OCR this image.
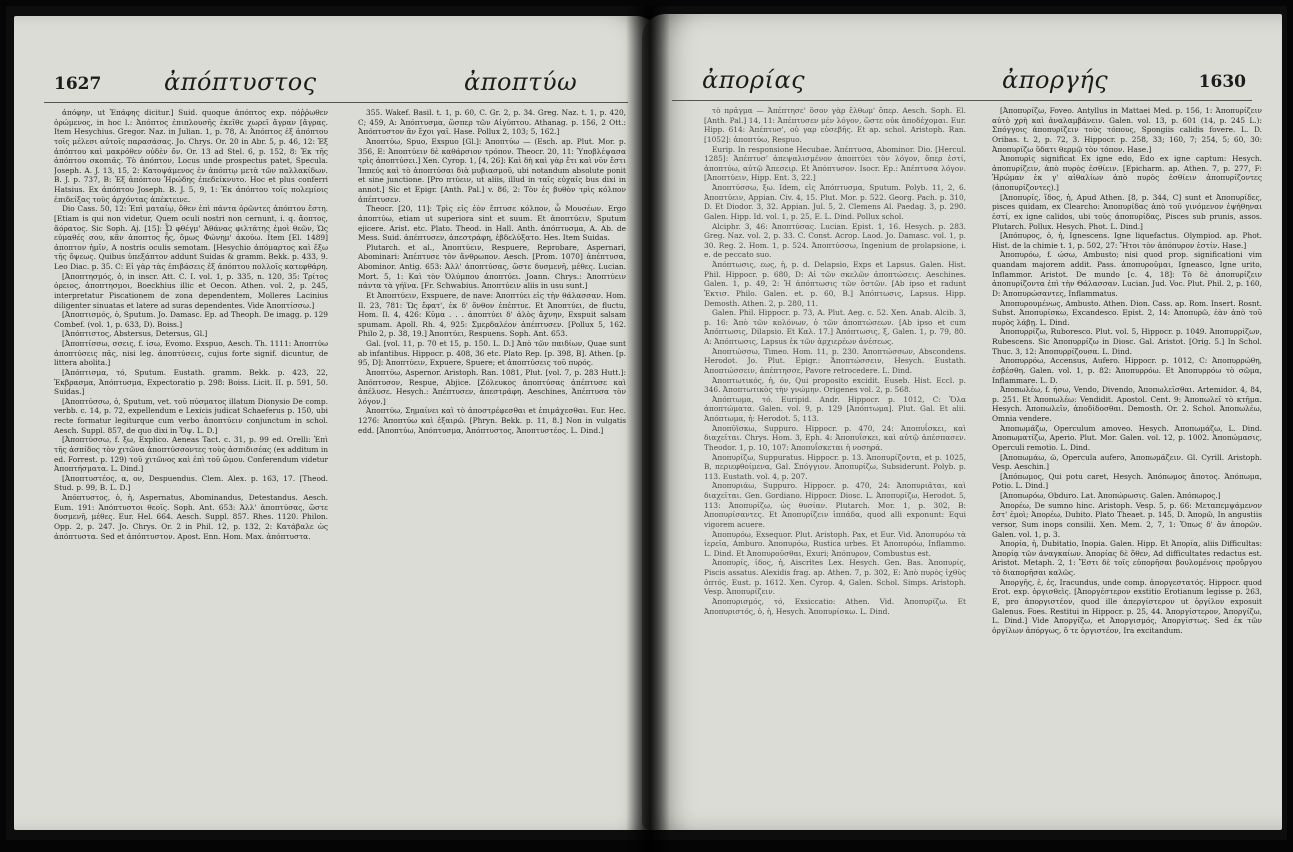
1627	ἀπόπτυστος	ἀποπτύω

ἀπόφην, ut Ἐπάφης dicitur.] Suid. quoque ἀπόπτος exp. πόῤῥωθεν ὁρώμενος, in hoc l.: Ἀπόπτος ἐπιπλουσῆς ἐκεῖθε χωρεῖ ἄγραν [ἄγρας. Item Hesychius. Gregor. Naz. in Julian. 1, p. 78, A: Ἀπόπτος ἐξ ἀπόπτου τοῖς μέλεσι αὐτοῖς παρασάσας. Jo. Chrys. Or. 20 in Abr. 5, p. 46, 12: Ἐξ ἀπόπτου καὶ μακρόθεν οὐδὲν ὄν. Or. 13 ad Stel. 6, p. 152, 8: Ἐκ τῆς ἀπόπτου σκοπιᾶς. Τὸ ἀπόπτον, Locus unde prospectus patet, Specula. Joseph. A. J. 13, 15, 2: Κατοψάμενος ἐν ἀπόπτῳ μετὰ τῶν παλλακίδων. B. J. p. 737, B: Ἐξ ἀπόπτου Ἡρώδης ἐπεδείκνυτο. Hoc et plus conferri Hatsius. Ex ἀπόπτου Joseph. B. J. 5, 9, 1: Ἐκ ἀπόπτου τοῖς πολεμίοις ἐπιδείξας τοὺς ἀρχόντας ἀπέκτεινε.

Dio Cass. 50, 12: Ἐπὶ ματαίῳ, ὅθεν ἐπὶ πάντα ὁρῶντες ἀπόπτου ἔστη. [Etiam is qui non videtur, Quem oculi nostri non cernunt, i. q. ἄοπτος, ἄόρατος. Sic Soph. Aj. [15]: Ὦ φθέγμ' Ἀθάνας φιλτάτης ἐμοὶ θεῶν, Ὡς εὐμαθές σου, κἂν ἀποπτος ἦς, ὅμως Φώνημ' ἀκούω. Item [El. 1489] ἀποπτον ἡμῖν, A nostris oculis semotam. [Hesychio ἀπόμαρτος καὶ ἔξω τῆς ὄψεως. Quibus ὑπεξάπτον addunt Suidas & gramm. Bekk. p. 433, 9. Leo Diac. p. 35. C: Εἰ γὰρ τὰς ἐπιβάσεις ἐξ ἀπόπτου πολλοῖς κατεφθάρη.

[Ἀποπτησμός, ὁ, in inscr. Att. C. I. vol. 1, p. 335, n. 120, 35: Τρίτος ὀρειος, ἀποπτησμοι, Boeckhius illic et Oecon. Athen. vol. 2, p. 245, interpretatur Piscationem de zona dependentem, Molleres Lacinius diligenter sinuatas et latere ad suras dependentes. Vide Ἀποπτίσσω.]

[Ἀποπτισμός, ὁ, Sputum. Jo. Damasc. Ep. ad Theoph. De imagg. p. 129 Combef. (vol. 1, p. 633, D). Boiss.]

[Ἀπόπτιστος, Abstersus, Detersus, Gl.]

[Ἀποπτίσσω, σσεις, f. ίσω, Evomo. Exspuo, Aesch. Th. 1111: Ἀποπτύω ἀποπτύσεις πᾶς, nisi leg. ἀποπτύσεις, cujus forte signif. dicuntur, de littera abolita.]

[Ἀπόπτισμα, τό, Sputum. Eustath. gramm. Bekk. p. 423, 22, Ἐκβρασμα, Ἀπόπτυσμα, Expectoratio p. 298: Boiss. Licit. II. p. 591, 50. Suidas.]

[Ἀποπτύσσω, ὁ, Sputum, vet. τοῦ πύσματος illatum Dionysio De comp. verbb. c. 14, p. 72, expellendum e Lexicis judicat Schaeferus p. 150, ubi recte formatur legiturque cum verbo ἀποπτύειν conjunctum in schol. Aesch. Suppl. 857, de quo dixi in Ὄψ. L. D.]

[Ἀποπτύσσω, f. ξω, Explico. Aeneas Tact. c. 31, p. 99 ed. Orelli: Ἐπὶ τῆς ἀσπίδος τὸν χιτῶνα ἀποπτύσσοντες τοὺς ἀσπιδισέας (ex additum in ed. Forrest. p. 129) τοῦ χιτῶνος καὶ ἐπὶ τοῦ ὤμου. Conferendum videtur Ἀποπτήσματα. L. Dind.]

[Ἀποπτυστέος, α, ον, Despuendus. Clem. Alex. p. 163, 17. [Theod. Stud. p. 99, B. L. D.]

Ἀπόπτυστος, ὁ, ἡ, Aspernatus, Abominandus, Detestandus. Aesch. Eum. 191: Ἀπόπτυστοι θεοῖς. Soph. Ant. 653: Ἀλλ' ἀποπτύσας, ὥστε δυσμενῆ, μέθες. Eur. Hel. 664. Aesch. Suppl. 857. Rhes. 1120. Philon. Opp. 2, p. 247. Jo. Chrys. Or. 2 in Phil. 12, p. 132, 2: Κατάβαλε ὡς ἀπόπτυστα. Sed et ἀπόπτυστον. Apost. Enn. Hom. Max. ἀπόπτυστα.

355. Wakef. Basil. t. 1, p. 60, C. Gr. 2, p. 34. Greg. Naz. t. 1, p. 420, C; 459, A: Ἀπόπτυσμα, ὥσπερ τῶν Αἰγύπτου. Athanag. p. 156, 2 Ott.: Ἀπόπτυστον ἂν ἔχοι γαῖ. Hase. Pollux 2, 103; 5, 162.]

Ἀποπτύω, Spuo, Exspuo [Gl.]: Ἀποπτύω — (Esch. ap. Plut. Mor. p. 356, E: Ἀποπτύειν δὲ καθάρσιον τρόπον. Theocr. 20, 11: Ὑποβλέψασα τρὶς ἀποπτύσει.] Xen. Cyrop. 1, [4, 26]: Καὶ δὴ καὶ γὰρ ἔτι καὶ νῦν ἔστι Ἰππεύς καὶ τὸ ἀποπτύσαι διὰ μυβιασμοῦ, ubi notandum absolute ponit et sine junctione. [Pro πτύειν, ut aliis, illud in ταῖς εὐχαῖς bus dixi in annot.] Sic et Epigr. [Anth. Pal.] v. 86, 2: Τὸν ἐς βυθὸν τρὶς κόλπον ἀπέπτυσεν.

Theocr. [20, 11]: Τρὶς εἰς ἐὸν ἔπτυσε κόλπον, ὦ Μουσέων. Ergo ἀποπτύω, etiam ut superiora sint et suum. Et ἀποπτύειν, Sputum ejicere. Arist. etc. Plato. Theod. in Hall. Anth. ἀπόπτυσμα, A. Ab. de Mess. Suid. ἀπέπτυσεν, ἀπεστράφη, ἐβδελύξατο. Hes. Item Suidas.

Plutarch. et al., Ἀποπτύειν, Respuere, Reprobare, Aspernari, Abominari: Ἀπέπτυσε τὸν ἄνθρωπον. Aesch. [Prom. 1070] ἀπέπτυσα, Abominor. Antig. 653: Ἀλλ' ἀποπτύσας, ὥστε δυσμενῆ, μέθες. Lucian. Mort. 5, 1: Καὶ τὸν Ὀλύμπου ἀποπτύει. Joann. Chrys.: Ἀποπτύειν πάντα τὰ γήϊνα. [Fr. Schwabius. Ἀποπτύειν aliis in usu sunt.]

Et Ἀποπτύειν, Exspuere, de nave: Ἀποπτύει εἰς τὴν θάλασσαν. Hom. Il. 23, 781: Ὥς ἔφατ', ἐκ δ' ὄνθον ἐπέπτυε. Et Ἀποπτύει, de fluctu, Hom. Il. 4, 426: Κῦμα . . . ἀποπτύει δ' ἁλὸς ἄχνην, Exspuit salsam spumam. Apoll. Rh. 4, 925: Σμερδαλέον ἀπέπτυσεν. [Pollux 5, 162. Philo 2, p. 38, 19.] Ἀποπτύει, Respuens. Soph. Ant. 653.

Gal. [vol. 11, p. 70 et 15, p. 150. L. D.] Ἀπὸ τῶν παιδίων, Quae sunt ab infantibus. Hippocr. p. 408, 36 etc. Plato Rep. [p. 398, B]. Athen. [p. 95, D]: Ἀποπτύειν, Expuere, Spuere; et ἀποπτύσεις τοῦ πυρός.

Ἀποπτύω, Aspernor. Aristoph. Ran. 1081, Plut. [vol. 7, p. 283 Hutt.]: Ἀπόπτυσον, Respue, Abjice. [Ζόλευκος ἀποπτύσας ἀπέπτυσε καὶ ἀπέλυσε. Hesych.: Ἀπέπτυσεν, ἀπεστράφη. Aeschines, Ἀπέπτυσα τὸν λόγον.]

Ἀποπτύω, Σημαίνει καὶ τὸ ἀποστρέφεσθαι et ἐπιμάχεσθαι. Eur. Hec. 1276: Ἀποπτύω καὶ ἐξαιρῶ. [Phryn. Bekk. p. 11, 8.] Non in vulgatis edd. [Ἀποπτύω, Ἀπόπτυσμα, Ἀπόπτυστος, Ἀποπτυστέος. L. Dind.]

ἀπορίας	ἀποργής	1630

τὸ πρᾶγμα — Ἀπέπτησε' ὅσον γὰρ ἔλθωμ' ὅπερ. Aesch. Soph. El. [Anth. Pal.] 14, 11: Ἀπέπτυσεν μέν λόγον, ὥστε οὐκ ἀποδέχομαι. Eur. Hipp. 614: Ἀπέπτυσ', οὐ γαρ εὐσεβῆς. Et ap. schol. Aristoph. Ran. [1052]: ἀποπτύω, Respuo.

Eurip. In responsione Hecubae. Ἀπέπτυσα, Abominor. Dio. [Hercul. 1285]: Ἀπέπτυσ' ἀπεψαλισμένον ἀποπτύει τὸν λόγον, ὅπερ ἐστί, ἀποπτύω, αὐτῷ Ἀπεσειρ. Et Ἀπόπτυσον. Isocr. Ep.: Ἀπέπτυσα λόγον. [Ἀποπτύειν, Hipp. Ent. 3, 22.]

Ἀποπτύσσω, ξω. Idem, εἰς Ἀπόπτυσμα, Sputum. Polyb. 11, 2, 6. Ἀποπτύειν, Appian. Civ. 4, 15. Plut. Mor. p. 522. Georg. Pach. p. 310, D. Et Diodor. 3, 32. Appian. Jul. 5, 2. Clemens Al. Paedag. 3, p. 290. Galen. Hipp. Id. vol. 1, p. 25, E. L. Dind. Pollux schol.

Alciphr. 3, 46: Ἀποπτύσας. Lucian. Epist. 1, 16. Hesych. p. 283. Greg. Naz. vol. 2, p. 33. C. Const. Acrop. Laod. Jo. Damasc. vol. 1, p. 30. Reg. 2. Hom. 1, p. 524. Ἀποπτύσσω, Ingenium de prolapsione, i. e. de peccato suo.

Ἀπόπτωσις, εως, ἡ, p. d. Delapsio, Exps et Lapsus. Galen. Hist. Phil. Hippocr. p. 680, D: Αἱ τῶν σκελῶν ἀποπτώσεις. Aeschines. Galen. 1, p. 49, 2: Ἡ ἀπόπτωσις τῶν ὀστῶν. [Ab ipso et radunt Ἐκτισ. Philo. Galen. et. p. 60, B.] Ἀπόπτωσις, Lapsus. Hipp. Demosth. Athen. 2, p. 280, 11.

Galen. Phil. Hippocr. p. 73, A. Plut. Aeg. c. 52. Xen. Anab. Alcib. 3, p. 16: Ἀπὸ τῶν κολόνων, ὁ τῶν ἀποπτώσεων. [Ab ipso et cum Ἀπόπτωσις, Dilapsio. Et Καλ. 17.] Ἀπόπτωσις, ξ, Galen. 1, p. 79, 80. A: Ἀπόπτωσις, Lapsus ἐκ τῶν ἀρχιερέων ἀνέσεως.

Ἀποπτώσσω, Timeo. Hom. 11, p. 230. Ἀποπτώσσων, Abscondens. Herodot. Jo. Plut. Epigr.: Ἀποπτώσσειν, Hesych. Eustath. Ἀποπτώσσειν, ἀπέπτησσε, Pavore retrocedere. L. Dind.

Ἀποπτωτικός, ἡ, όν, Qui proposito excidit. Euseb. Hist. Eccl. p. 346. Ἀποπτωτικὸς τὴν γνώμην. Origenes vol. 2, p. 568.

Ἀπόπτωμα, τό. Euripid. Andr. Hippocr. p. 1012, C: Ὅλα ἀποπτώματα. Galen. vol. 9, p. 129 [Ἀπόπτωμα]. Plut. Gal. Et alii. Ἀπόπτωμα, ἡ: Herodot. 5, 113.

Ἀποπῦϊσκω, Suppuro. Hippocr. p. 470, 24: Ἀποπυΐσκει, καὶ διαχεῖται. Chrys. Hom. 3, Eph. 4: Ἀποπυΐσκει, καὶ αὐτῷ ἀπέσπασεν. Theodor. 1, p. 10, 107: Ἀποπυΐσκεται ἡ νοσηρά.

Ἀποπυρίζω, Suppuratus. Hippocr. p. 13. Ἀποπυρίζοντα, et p. 1025, B, περιεφθοίμενα, Gal. Σπόγγιον. Ἀποπυρίζω, Subsiderunt. Polyb. p. 113. Eustath. vol. 4, p. 207.

Ἀποπυριάω, Suppuro. Hippocr. p. 470, 24: Ἀποπυριᾶται, καὶ διαχεῖται. Gen. Gordiano. Hippocr. Diosc. L. Ἀποπυρίζω, Herodot. 5, 113: Ἀποπυρίζω, ὡς θυσίαν. Plutarch. Mor. 1, p. 302, B: Ἀποπυρίσαντες. Et Ἀποπυρίζειν ἱππάδα, quod alli exponunt: Equi vigorem acuere.

Ἀποπυρόω, Exsequor. Plut. Aristoph. Pax, et Eur. Vid. Ἀποπυρόω τὰ ἰερεῖα, Amburo. Ἀποπυρόω, Rustica urbes. Et Ἀποπυρόω, Inflammo. L. Dind. Et Ἀποπυροῦσθαι, Exuri; Ἀπόπυρον, Combustus est.

Ἀποπυρίς, ἰδος, ἡ, Aiscrites Lex. Hesych. Gen. Bas. Ἀποπυρίς, Piscis assatus. Alexidis frag. ap. Athen. 7, p. 302, E: Ἀπὸ πυρὸς ἰχθὺς ὀπτός. Eust. p. 1612. Xen. Cyrop. 4, Galen. Schol. Simps. Aristoph. Vesp. Ἀποπυρίζειν.

Ἀποπυρισμός, τό, Exsiccatio: Athen. Vid. Ἀποπυρίζω. Et Ἀποπυριστός, ὁ, ἡ, Hesych. Ἀποπυρίσκω. L. Dind.

[Ἀποπυρίζω, Foveo. Antyllus in Mattaei Med. p. 156, 1: Ἀποπυρίζειν αὐτὸ χρὴ καὶ ἀναλαμβάνειν. Galen. vol. 13, p. 601 (14, p. 245 L.): Σπόγγοις ἀποπυρίζειν τοὺς τόπους, Spongiis calidis fovere. L. D. Oribas. t. 2, p. 72, 3. Hippocr. p. 258, 33; 160, 7; 254, 5; 60, 30: Ἀποπυρίζω ὕδατι θερμῷ τὸν τόπον. Hase.]

Ἀποπυρὶς significat Ex igne edo, Edo ex igne captum: Hesych. ἀποπυρίζειν, ἀπὸ πυρὸς ἐσθίειν. [Epicharm. ap. Athen. 7, p. 277, F: Ἠρώμαν ἐκ γ' αἰθαλίων ἀπὸ πυρὸς ἐσθίειν ἀποπυρίζοντες (ἀποπυρίζοντες).]

[Ἀποπυρίς, ἴδος, ἡ, Apud Athen. [8, p. 344, C] sunt et Ἀποπυρίδες, pisces quidam, ex Clearcho: Ἀποπυρίδας ἀπὸ τοῦ γινόμενον ἐψήθηναι ἐστί, ex igne calidos, ubi τοὺς ἀποπυρίδας, Pisces sub prunis, assos. Plutarch. Pollux. Hesych. Phot. L. Dind.]

[Ἀπόπυρος, ὁ, ἡ, Ignescens. Igne liquefactus. Olympiod. ap. Phot. Hist. de la chimie t. 1, p. 502, 27: Ἤτοι τὸν ἀπόπυρον ἐστίν. Hase.]

Ἀποπυρόω, f. ώσω, Ambusto; nisi quod prop. significationi vim quandam majorem addit. Pass. ἀποπυροῦμαι, Igneasco, Igne urito, Inflammor. Aristot. De mundo [c. 4, 18]: Τὸ δὲ ἀποπυρίζειν ἀποπυρίζοντα ἐπὶ τὴν Θάλασσαν. Lucian. Jud. Voc. Plut. Phil. 2, p. 160, D: Ἀποπυρώσαντες, Inflammatus.

Ἀποπυρουμένως, Ambusto. Athen. Dion. Cass. ap. Rom. Insert. Rosnt. Subst. Ἀποπυρίσκω, Excandesco. Epist. 2, 14: Ἀποπυρῶ, ἐὰν ἀπὸ τοῦ πυρὸς λάβῃ. L. Dind.

Ἀποπυρρίζω, Ruboresco. Plut. vol. 5, Hippocr. p. 1049. Ἀποπυρρίζων, Rubescens. Sic Ἀποπυρρίζω in Diosc. Gal. Aristot. [Orig. 5.] In Schol. Thuc. 3, 12: Ἀποπυρρίζουσα. L. Dind.

Ἀποπυρρόω, Accensus, Aufero. Hippocr. p. 1012, C: Ἀποπυρρώθη, ἐσβέσθη. Galen. vol. 1, p. 82: Ἀποπυρρόω. Et Ἀποπυρρόω τὸ σῶμα, Inflammare. L. D.

Ἀποπωλέω, f. ήσω, Vendo, Divendo, Ἀποπωλεῖσθαι. Artemidor. 4, 84, p. 251. Et Ἀποπωλέω: Vendidit. Apostol. Cent. 9: Ἀποπωλεῖ τὸ κτῆμα. Hesych. Ἀποπωλεῖν, ἀποδίδοσθαι. Demosth. Or. 2. Schol. Ἀποπωλέω, Omnia vendere.

Ἀποπωμάζω, Operculum amoveo. Hesych. Ἀποπωμάζω, L. Dind. Ἀποπωματίζω, Aperio. Plut. Mor. Galen. vol. 12, p. 1002. Ἀποπώμασις, Operculi remotio. L. Dind.

[Ἀποπωμάω, ῶ, Opercula aufero, Ἀποπωμάζειν. Gl. Cyrill. Aristoph. Vesp. Aeschin.]

[Ἀπόπωμος, Qui potu caret, Hesych. Ἀπόπωμος ἄποτος. Ἀπόπωμα, Potio. L. Dind.]

[Ἀποπωρόω, Obduro. Lat. Ἀποπώρωσις. Galen. Ἀπόπωρος.]

Ἀπορέω, De sumno hinc. Aristoph. Vesp. 5, p. 66: Μεταπεμψάμενον ἔστ' ἐμοὶ; Ἀπορέω, Dubito. Plato Theaet. p. 145, D. Ἀπορῶ, In angustiis versor, Sum inops consilii. Xen. Mem. 2, 7, 1: Ὅπως δ' ἂν ἀπορῶν. Galen. vol. 1, p. 3.

Ἀπορία, ἡ, Dubitatio, Inopia. Galen. Hipp. Et Ἀπορία, aliis Difficultas: Ἀπορίᾳ τῶν ἀναγκαίων. Ἀπορίας δὲ ὅθεν, Ad difficultates redactus est. Aristot. Metaph. 2, 1: Ἔστι δὲ τοῖς εὐπορῆσαι βουλομένοις προὔργου τὸ διαπορῆσαι καλῶς.

Ἀποργῆς, ἑ, ἐς, Iracundus, unde comp. ἀποργεστατός. Hippocr. quod Erot. exp. ὀργισθεὶς. [Ἀποργέστερον exstitio Erotianum legisse p. 263, E, pro ἀποργιστέον, quod ille ἀπεργίστερον ut ὀργίλον exposuit Galenus. Foes. Restitui in Hippocr. p. 25, 44. Ἀποργίστερον, Ἀποργίζω, L. Dind.] Vide Ἀποργίζω, et Ἀποργισμός, Ἀποργίστως. Sed ἐκ τῶν ὀργίλων ἀπόργως, ὅ τε ὀργιστέον, Ira excitandum.
